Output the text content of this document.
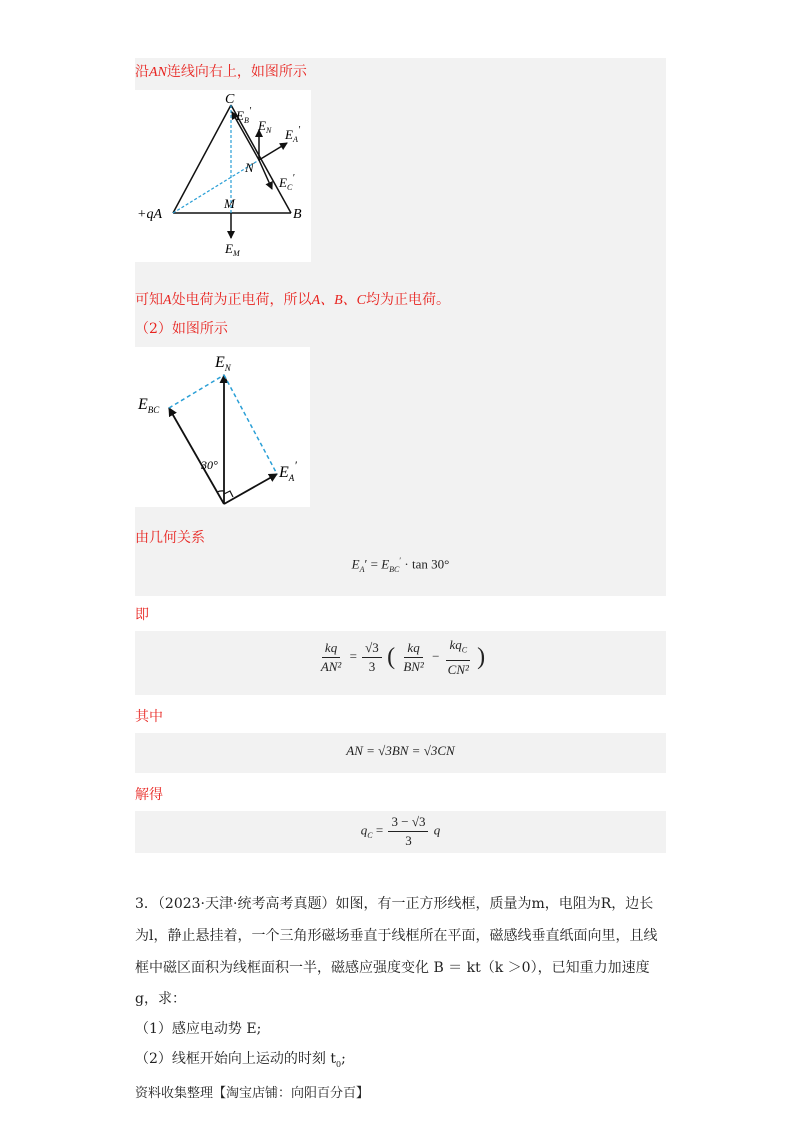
沿AN连线向右上，如图所示
C
+qA	B
M
N
$E_B'$
$E_N$ $E_A'$
$E_C'$
$E_M$
可知A处电荷为正电荷，所以A、B、C均为正电荷。
（2）如图所示
30°
$E_N$
$E_{BC}$
$E_A'$
由几何关系
$E_A' = E_{BC}' \cdot \tan 30^\circ$
即
$\frac{kq}{\text{AN²}} = \frac{√3}{3}$ ( $\frac{kq}{\text{BN²}} - \frac{kq_C}{\text{CN²}}$ )
其中
AN = √3BN = √3CN
解得
$q_C = \frac{3 - √3}{3}$ q
3．（2023·天津·统考高考真题）如图，有一正方形线框，质量为m，电阻为R，边长
为l，静止悬挂着，一个三角形磁场垂直于线框所在平面，磁感线垂直纸面向里，且线
框中磁区面积为线框面积一半，磁感应强度变化 B ＝ kt（k ＞0），已知重力加速度
g，求：
（1）感应电动势 E;
（2）线框开始向上运动的时刻 $t_0$;
资料收集整理【淘宝店铺：向阳百分百】
